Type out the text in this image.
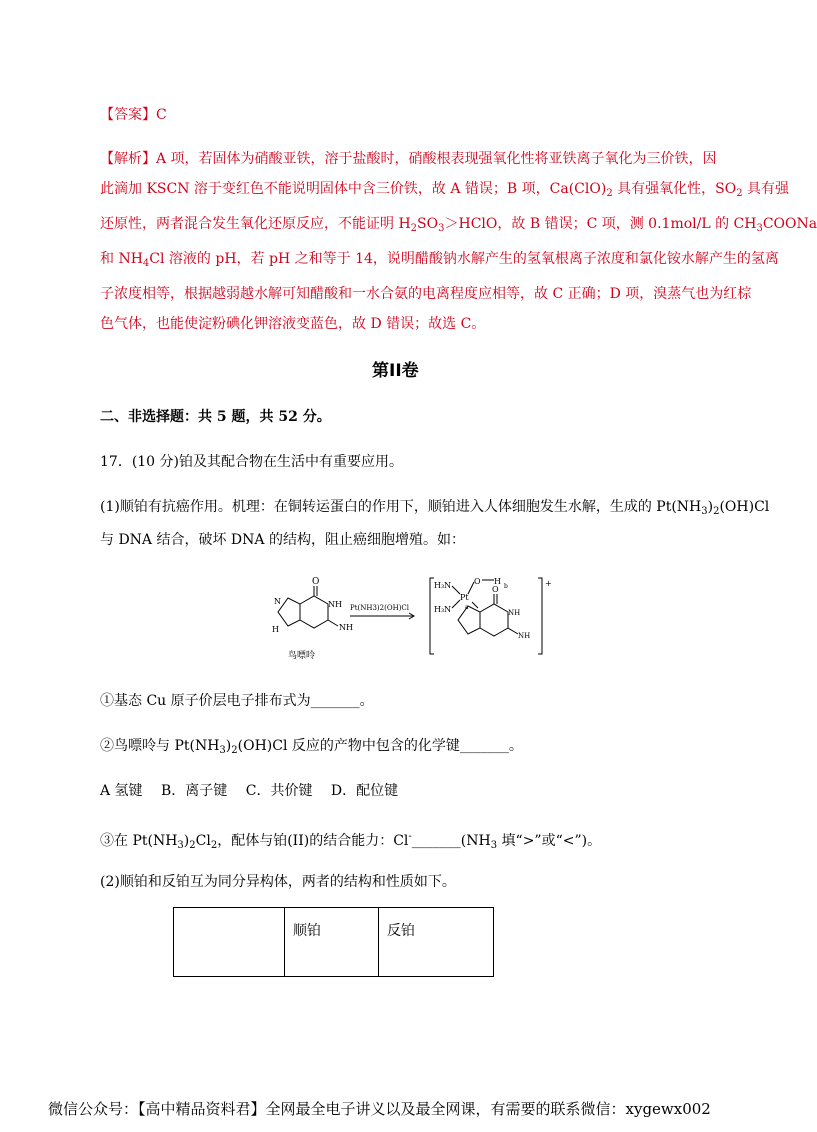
【答案】C
【解析】A 项，若固体为硝酸亚铁，溶于盐酸时，硝酸根表现强氧化性将亚铁离子氧化为三价铁，因
此滴加 KSCN 溶于变红色不能说明固体中含三价铁，故 A 错误；B 项，$Ca(ClO)_2$ 具有强氧化性，$SO_2$ 具有强
还原性，两者混合发生氧化还原反应，不能证明 $H_2SO_3>HClO$，故 B 错误；C 项，测 0.1mol/L 的 $CH_3COONa$
和 $NH_4Cl$ 溶液的 pH，若 pH 之和等于 14，说明醋酸钠水解产生的氢氧根离子浓度和氯化铵水解产生的氢离
子浓度相等，根据越弱越水解可知醋酸和一水合氨的电离程度应相等，故 C 正确；D 项，溴蒸气也为红棕
色气体，也能使淀粉碘化钾溶液变蓝色，故 D 错误；故选 C。
第II卷
二、非选择题：共 5 题，共 52 分。
17．(10 分)铂及其配合物在生活中有重要应用。
(1)顺铂有抗癌作用。机理：在铜转运蛋白的作用下，顺铂进入人体细胞发生水解，生成的 $Pt(NH_3)_2(OH)Cl$
与 DNA 结合，破坏 DNA 的结构，阻止癌细胞增殖。如：
O
NH
NH
H
N
鸟嘌呤
Pt(NH3)2(OH)Cl
+
H₃N
H₃N
Pt
O H
a
b
O
NH
NH
①基态 Cu 原子价层电子排布式为_______。
②鸟嘌呤与 $Pt(NH_3)_2(OH)Cl$ 反应的产物中包含的化学键_______。
A 氢键　 B．离子键　 C．共价键　 D．配位键
③在 $Pt(NH_3)_2Cl_2$，配体与铂(II)的结合能力：$Cl^-\_\_\_\_\_\_\_(NH_3$ 填“>”或“<”)。
(2)顺铂和反铂互为同分异构体，两者的结构和性质如下。
	顺铂	反铂
微信公众号：【高中精品资料君】全网最全电子讲义以及最全网课，有需要的联系微信：xygewx002
